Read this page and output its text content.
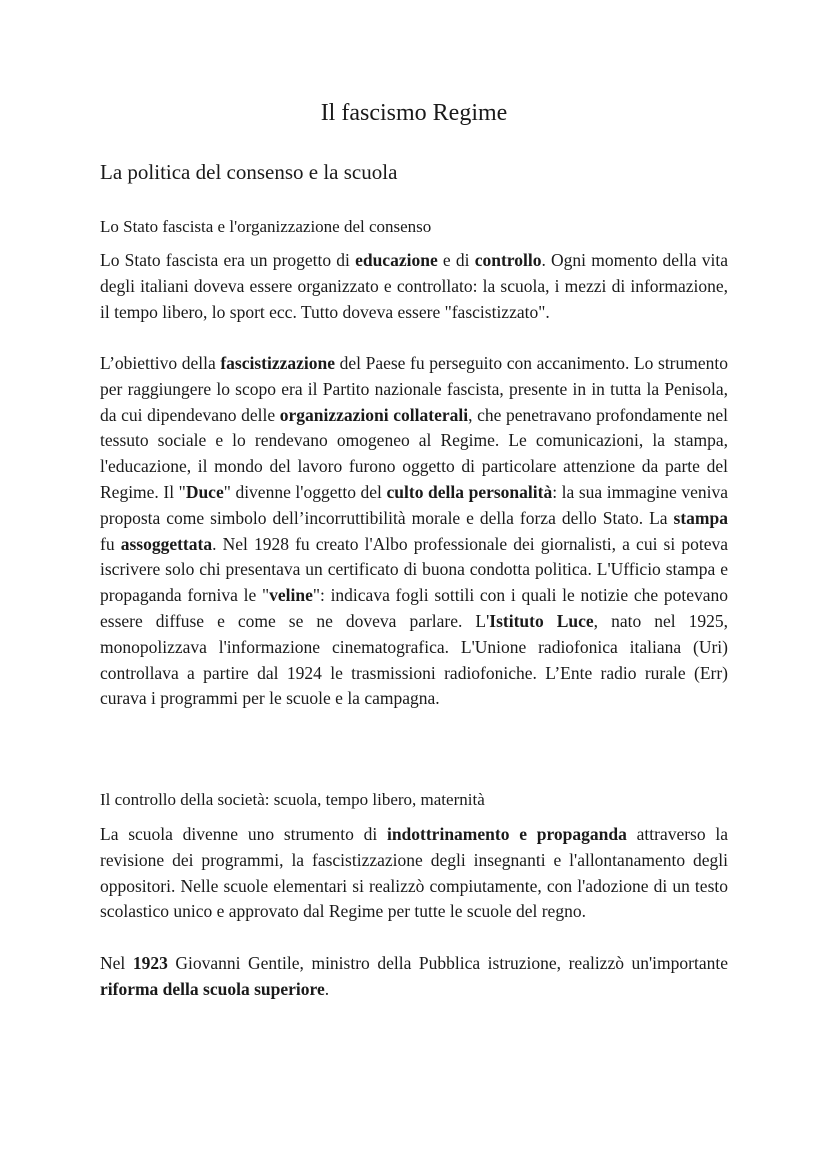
Il fascismo Regime
La politica del consenso e la scuola
Lo Stato fascista e l'organizzazione del consenso

Lo Stato fascista era un progetto di educazione e di controllo. Ogni momento della vita degli italiani doveva essere organizzato e controllato: la scuola, i mezzi di informazione, il tempo libero, lo sport ecc. Tutto doveva essere "fascistizzato".

L’obiettivo della fascistizzazione del Paese fu perseguito con accanimento. Lo strumento per raggiungere lo scopo era il Partito nazionale fascista, presente in in tutta la Penisola, da cui dipendevano delle organizzazioni collaterali, che penetravano profondamente nel tessuto sociale e lo rendevano omogeneo al Regime. Le comunicazioni, la stampa, l'educazione, il mondo del lavoro furono oggetto di particolare attenzione da parte del Regime. Il "Duce" divenne l'oggetto del culto della personalità: la sua immagine veniva proposta come simbolo dell’incorruttibilità morale e della forza dello Stato. La stampa fu assoggettata. Nel 1928 fu creato l'Albo professionale dei giornalisti, a cui si poteva iscrivere solo chi presentava un certificato di buona condotta politica. L'Ufficio stampa e propaganda forniva le "veline": indicava fogli sottili con i quali le notizie che potevano essere diffuse e come se ne doveva parlare. L'Istituto Luce, nato nel 1925, monopolizzava l'informazione cinematografica. L'Unione radiofonica italiana (Uri) controllava a partire dal 1924 le trasmissioni radiofoniche. L’Ente radio rurale (Err) curava i programmi per le scuole e la campagna.

Il controllo della società: scuola, tempo libero, maternità

La scuola divenne uno strumento di indottrinamento e propaganda attraverso la revisione dei programmi, la fascistizzazione degli insegnanti e l'allontanamento degli oppositori. Nelle scuole elementari si realizzò compiutamente, con l'adozione di un testo scolastico unico e approvato dal Regime per tutte le scuole del regno.

Nel 1923 Giovanni Gentile, ministro della Pubblica istruzione, realizzò un'importante riforma della scuola superiore.
